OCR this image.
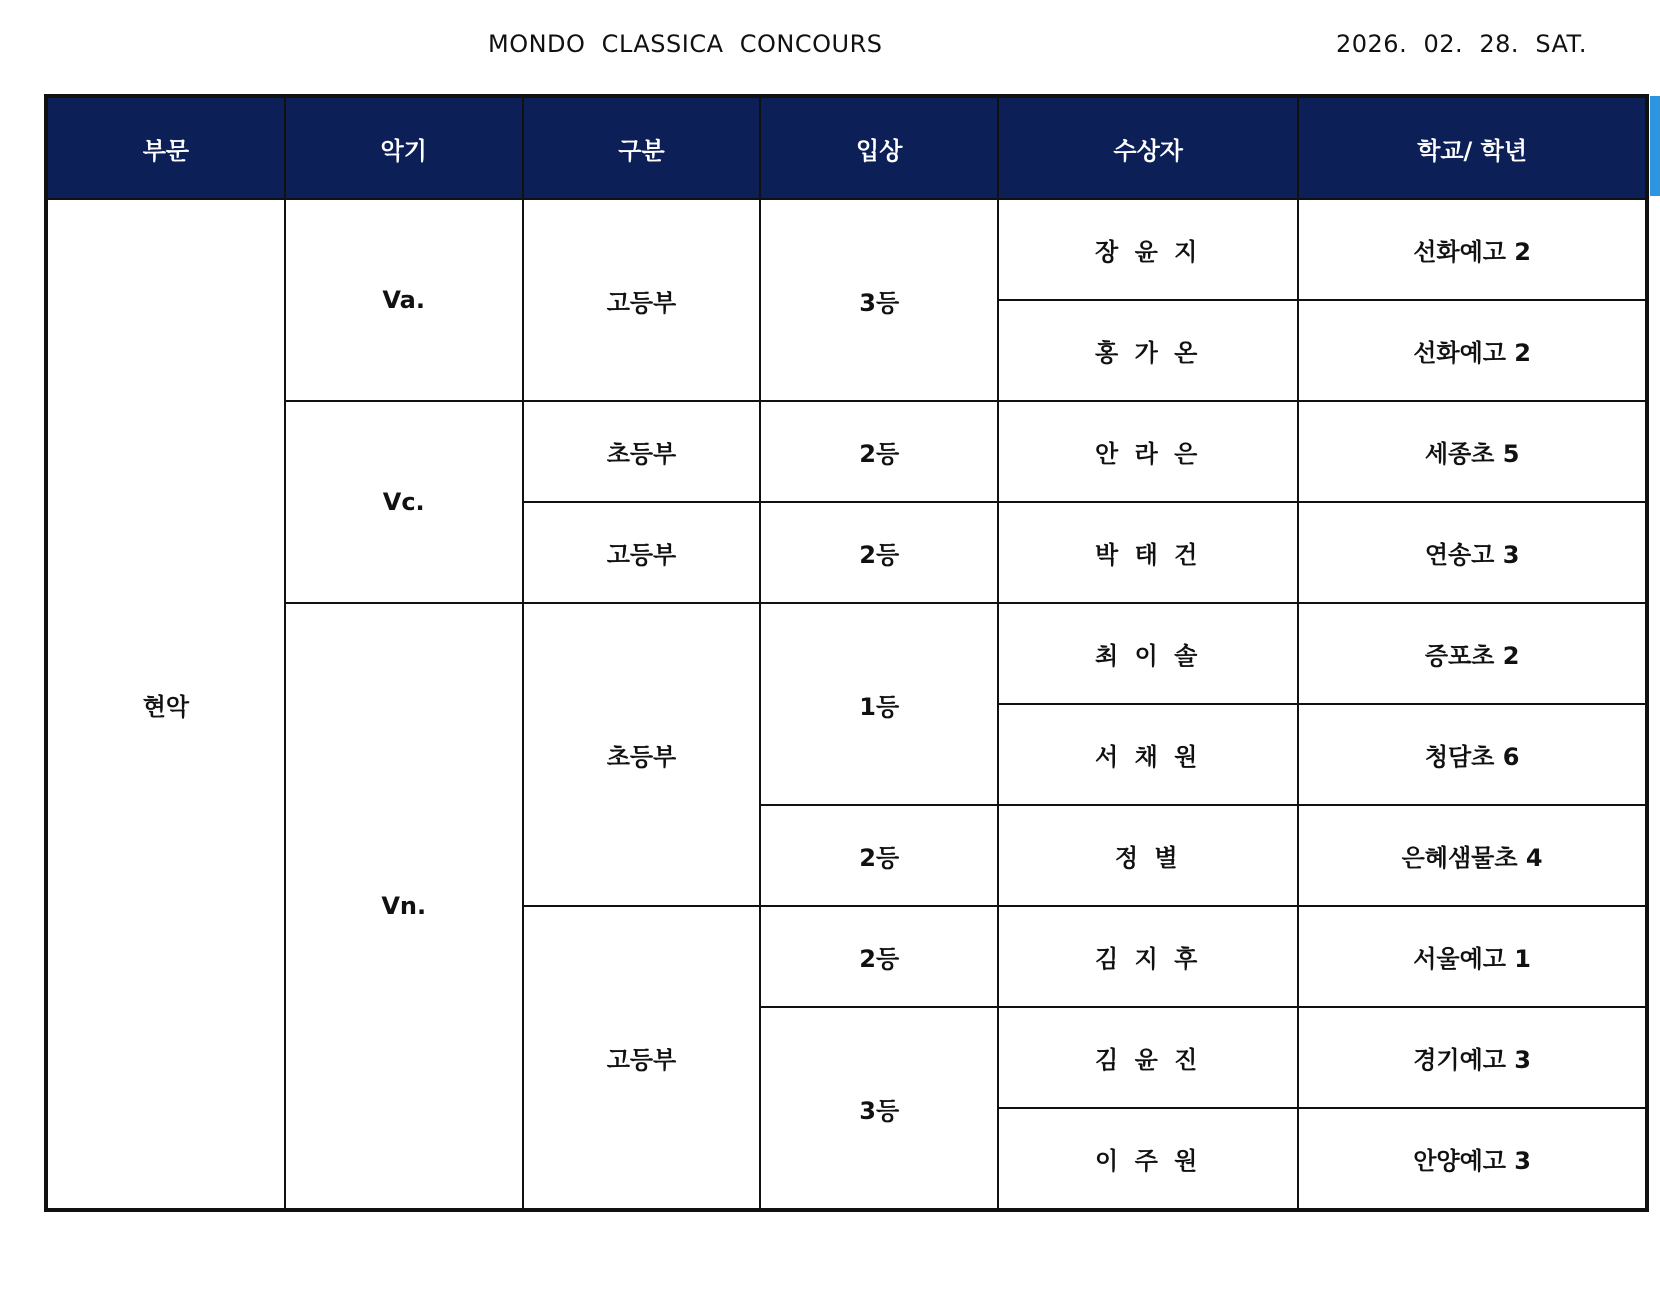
MONDO  CLASSICA  CONCOURS	2026.  02.  28.  SAT.
부문	악기	구분	입상	수상자	학교/ 학년
현악	Va.	고등부	3등	장 윤 지	선화예고 2
				홍 가 온	선화예고 2
	Vc.	초등부	2등	안 라 은	세종초 5
		고등부	2등	박 태 건	연송고 3
	Vn.	초등부	1등	최 이 솔	증포초 2
				서 채 원	청담초 6
			2등	정 별	은혜샘물초 4
		고등부	2등	김 지 후	서울예고 1
			3등	김 윤 진	경기예고 3
				이 주 원	안양예고 3
